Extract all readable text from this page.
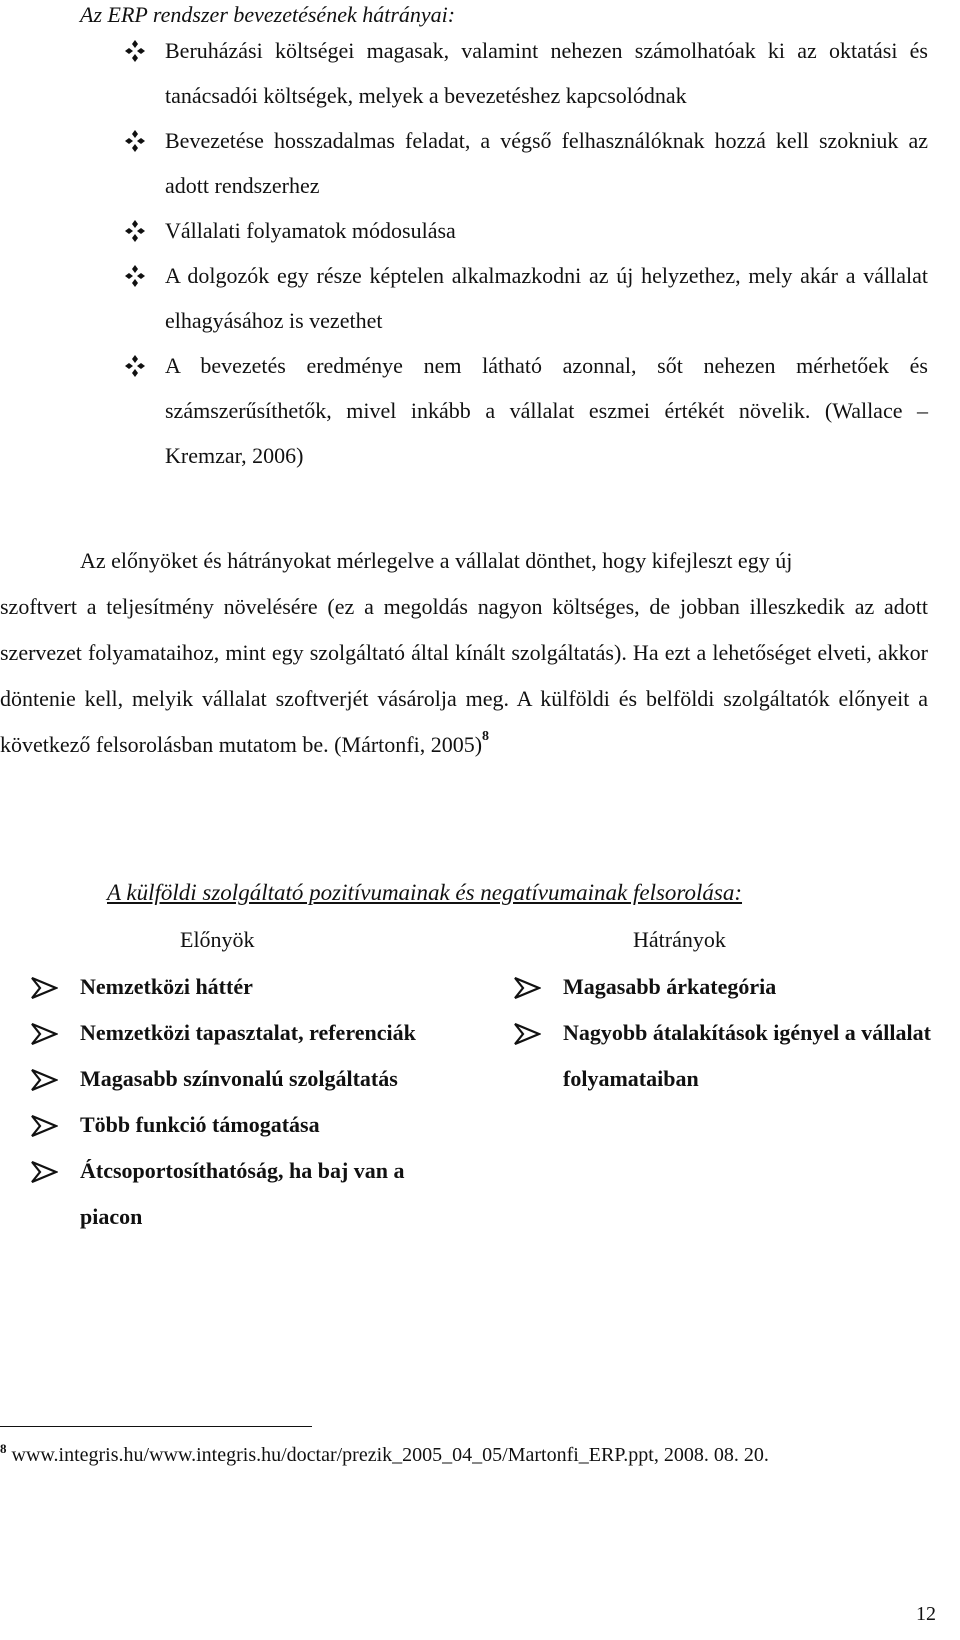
Az ERP rendszer bevezetésének hátrányai:
Beruházási költségei magasak, valamint nehezen számolhatóak ki az oktatási és tanácsadói költségek, melyek a bevezetéshez kapcsolódnak
Bevezetése hosszadalmas feladat, a végső felhasználóknak hozzá kell szokniuk az adott rendszerhez
Vállalati folyamatok módosulása
A dolgozók egy része képtelen alkalmazkodni az új helyzethez, mely akár a vállalat elhagyásához is vezethet
A bevezetés eredménye nem látható azonnal, sőt nehezen mérhetőek és számszerűsíthetők, mivel inkább a vállalat eszmei értékét növelik. (Wallace – Kremzar, 2006)
Az előnyöket és hátrányokat mérlegelve a vállalat dönthet, hogy kifejleszt egy új
szoftvert a teljesítmény növelésére (ez a megoldás nagyon költséges, de jobban illeszkedik az adott szervezet folyamataihoz, mint egy szolgáltató által kínált szolgáltatás). Ha ezt a lehetőséget elveti, akkor döntenie kell, melyik vállalat szoftverjét vásárolja meg. A külföldi és belföldi szolgáltatók előnyeit a következő felsorolásban mutatom be. (Mártonfi, 2005)$^8$
A külföldi szolgáltató pozitívumainak és negatívumainak felsorolása:
Előnyök	Hátrányok
Nemzetközi háttér
Nemzetközi tapasztalat, referenciák
Magasabb színvonalú szolgáltatás
Több funkció támogatása
Átcsoportosíthatóság, ha baj van a piacon
Magasabb árkategória
Nagyobb átalakítások igényel a vállalat folyamataiban
$^8$ www.integris.hu/www.integris.hu/doctar/prezik_2005_04_05/Martonfi_ERP.ppt, 2008. 08. 20.
12
